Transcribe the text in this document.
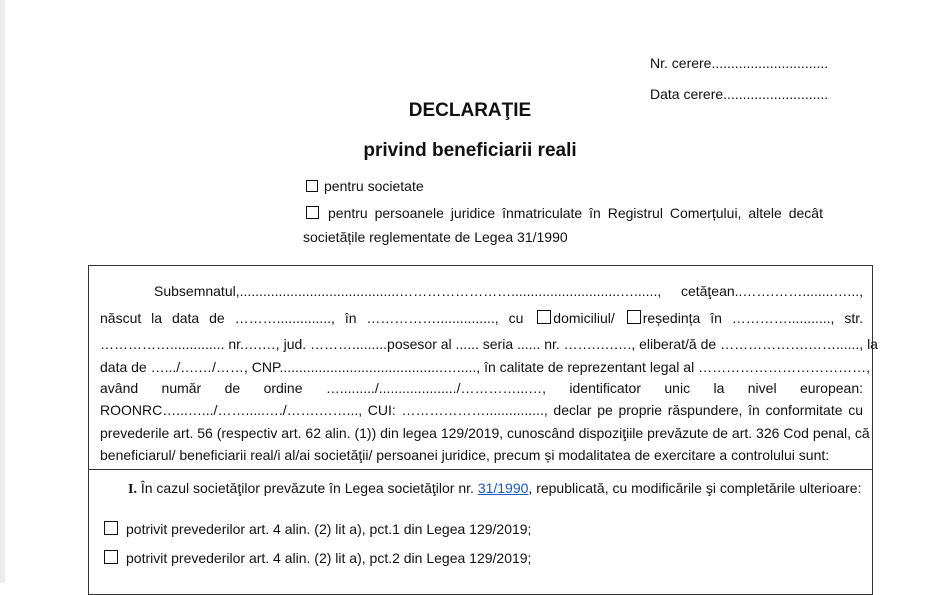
Nr. cerere..............................
Data cerere...........................
DECLARAŢIE
privind beneficiarii reali
pentru societate
pentru persoanele juridice înmatriculate în Registrul Comerțului, altele decât
societățile reglementate de Legea 31/1990
Subsemnatul,.........................................……………………............................…......, cetăţean..…….……........…...,
născut la data de ……….............., în ……………..............., cu domiciliul/ reședința în …………..........., str.
…………….............. nr.….…, jud. ……….........posesor al ...... seria ...... nr. …….….…., eliberat/ă de ……………….……......, la
data de ….../….…/……, CNP..........................................…....., în calitate de reprezentant legal al ………………………………,
având număr de ordine …........./..................../…………...…, identificator unic la nivel european:
ROONRC…...….../…….....…./…….……..., CUI: ………………..............., declar pe proprie răspundere, în conformitate cu
prevederile art. 56 (respectiv art. 62 alin. (1)) din legea 129/2019, cunoscând dispoziţiile prevăzute de art. 326 Cod penal, că
beneficiarul/ beneficiarii real/i al/ai societăţii/ persoanei juridice, precum și modalitatea de exercitare a controlului sunt:
I. În cazul societăţilor prevăzute în Legea societăţilor nr. 31/1990, republicată, cu modificările şi completările ulterioare:
potrivit prevederilor art. 4 alin. (2) lit a), pct.1 din Legea 129/2019;
potrivit prevederilor art. 4 alin. (2) lit a), pct.2 din Legea 129/2019;
